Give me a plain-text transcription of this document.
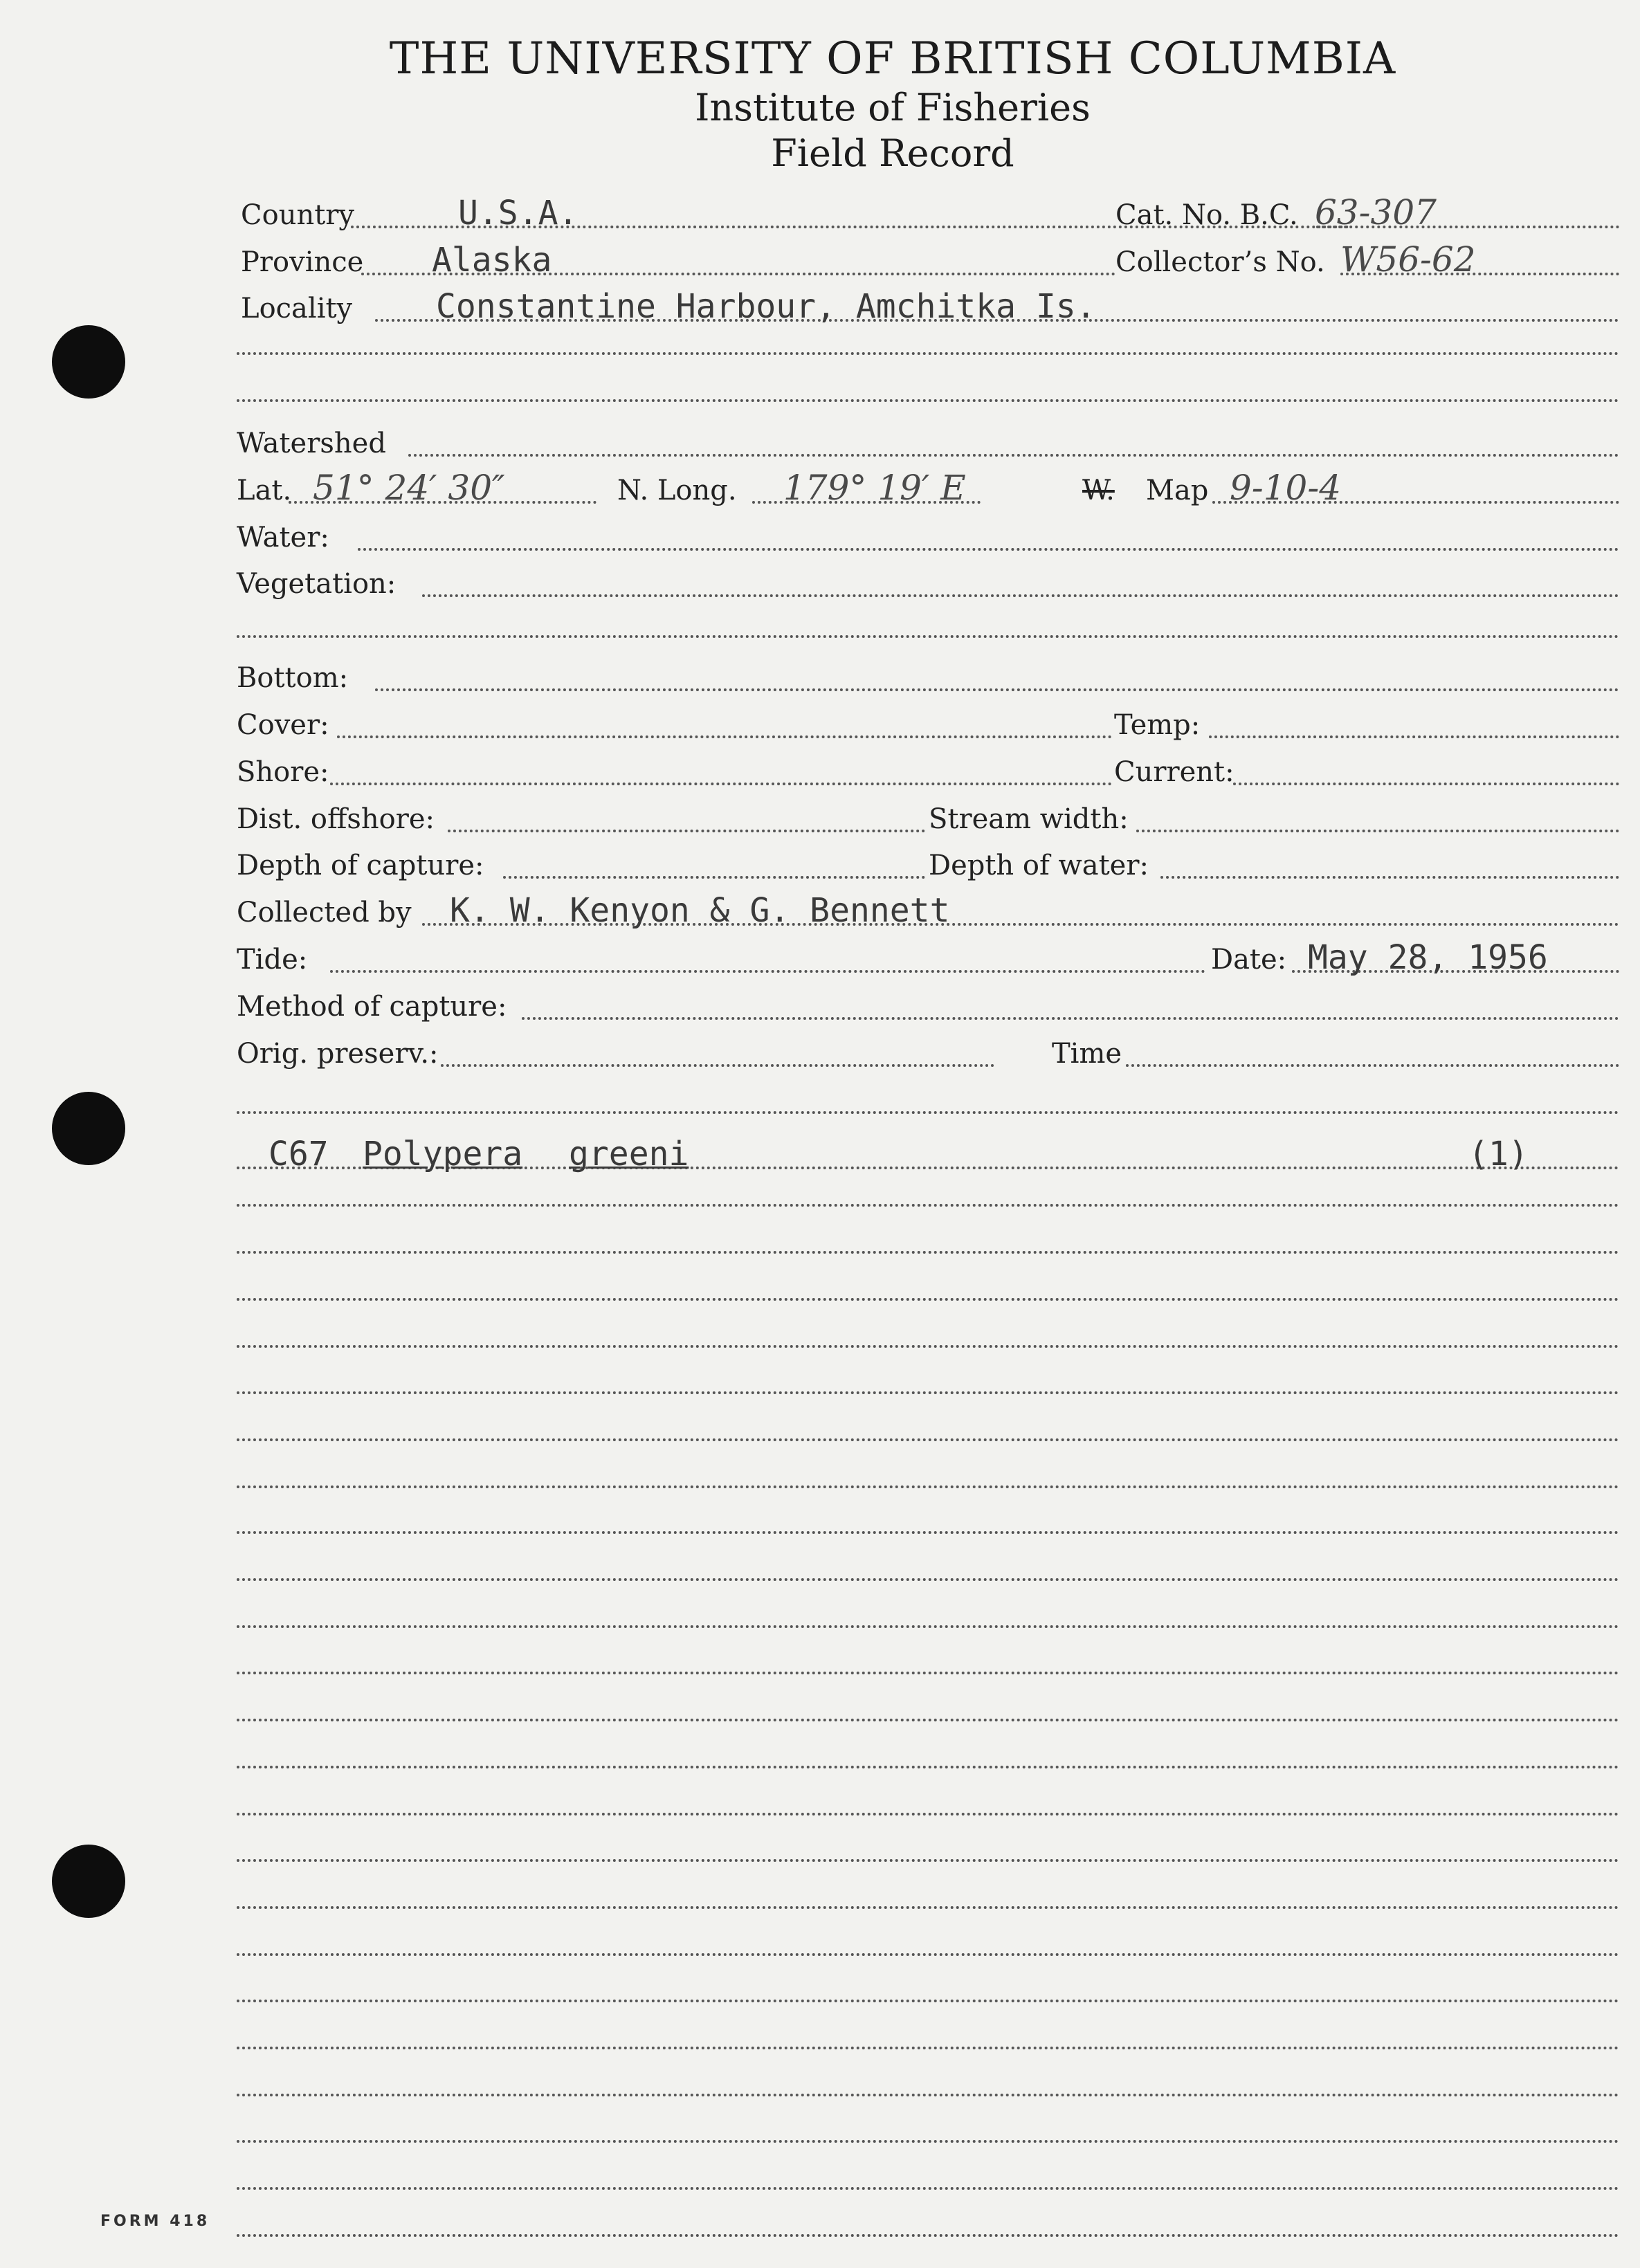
THE UNIVERSITY OF BRITISH COLUMBIA
Institute of Fisheries
Field Record
Country	U.S.A.	Cat. No. B.C. 63-307
Province Alaska	Collector’s No. W56-62
Locality	Constantine Harbour, Amchitka Is.
Watershed
Lat. 51° 24′ 30″	N. Long. 179° 19′ E	W. Map 9-10-4
Water:
Vegetation:
Bottom:
Cover:	Temp:
Shore:	Current:
Dist. offshore:	Stream width:
Depth of capture:	Depth of water:
Collected by K. W. Kenyon & G. Bennett
Tide:	Date: May 28, 1956
Method of capture:
Orig. preserv.:	Time
C67 Polypera greeni	(1)
FORM 418
